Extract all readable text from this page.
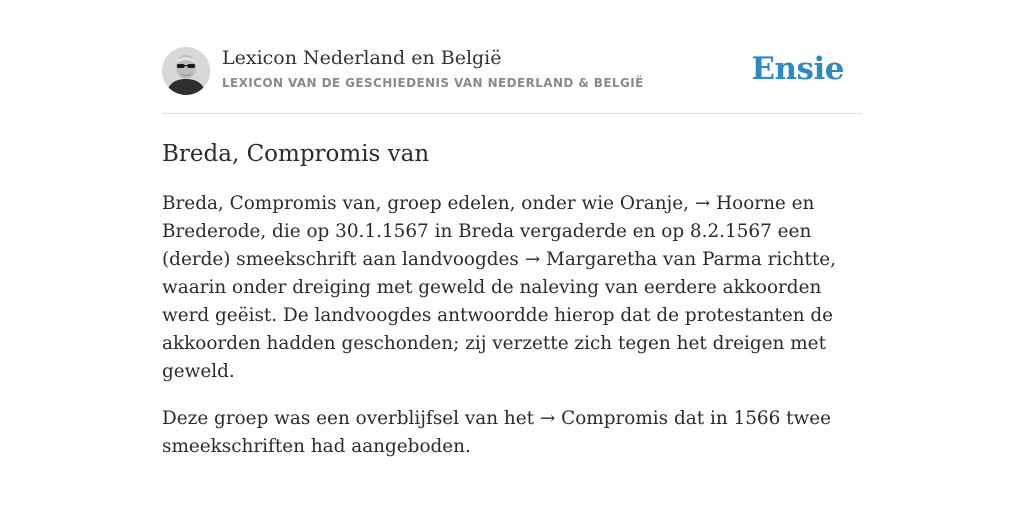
Lexicon Nederland en België
LEXICON VAN DE GESCHIEDENIS VAN NEDERLAND & BELGIË	Ensie
Breda, Compromis van

Breda, Compromis van, groep edelen, onder wie Oranje, → Hoorne en Brederode, die op 30.1.1567 in Breda vergaderde en op 8.2.1567 een (derde) smeekschrift aan landvoogdes → Margaretha van Parma richtte, waarin onder dreiging met geweld de naleving van eerdere akkoorden werd geëist. De landvoogdes antwoordde hierop dat de protestanten de akkoorden hadden geschonden; zij verzette zich tegen het dreigen met geweld.

Deze groep was een overblijfsel van het → Compromis dat in 1566 twee smeekschriften had aangeboden.
